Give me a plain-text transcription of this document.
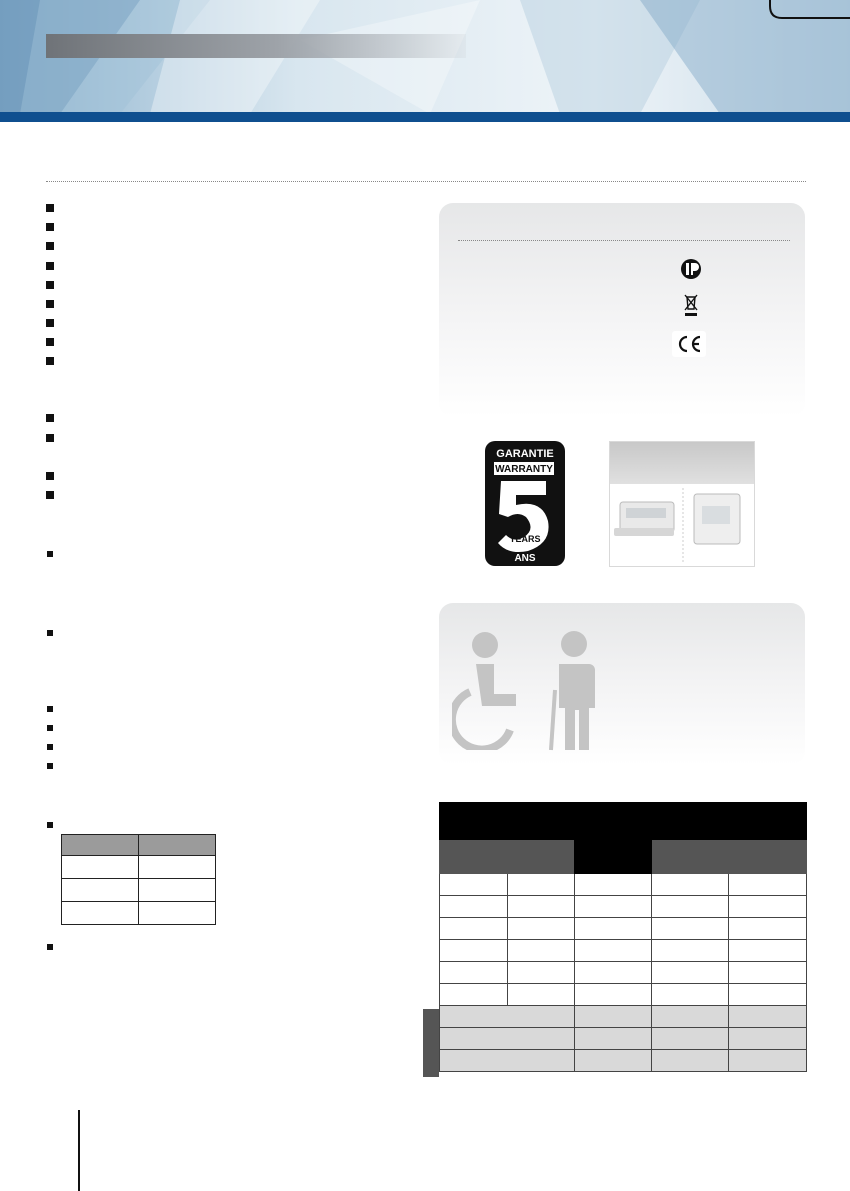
GARANTIE
WARRANTY
YEARS
ANS
